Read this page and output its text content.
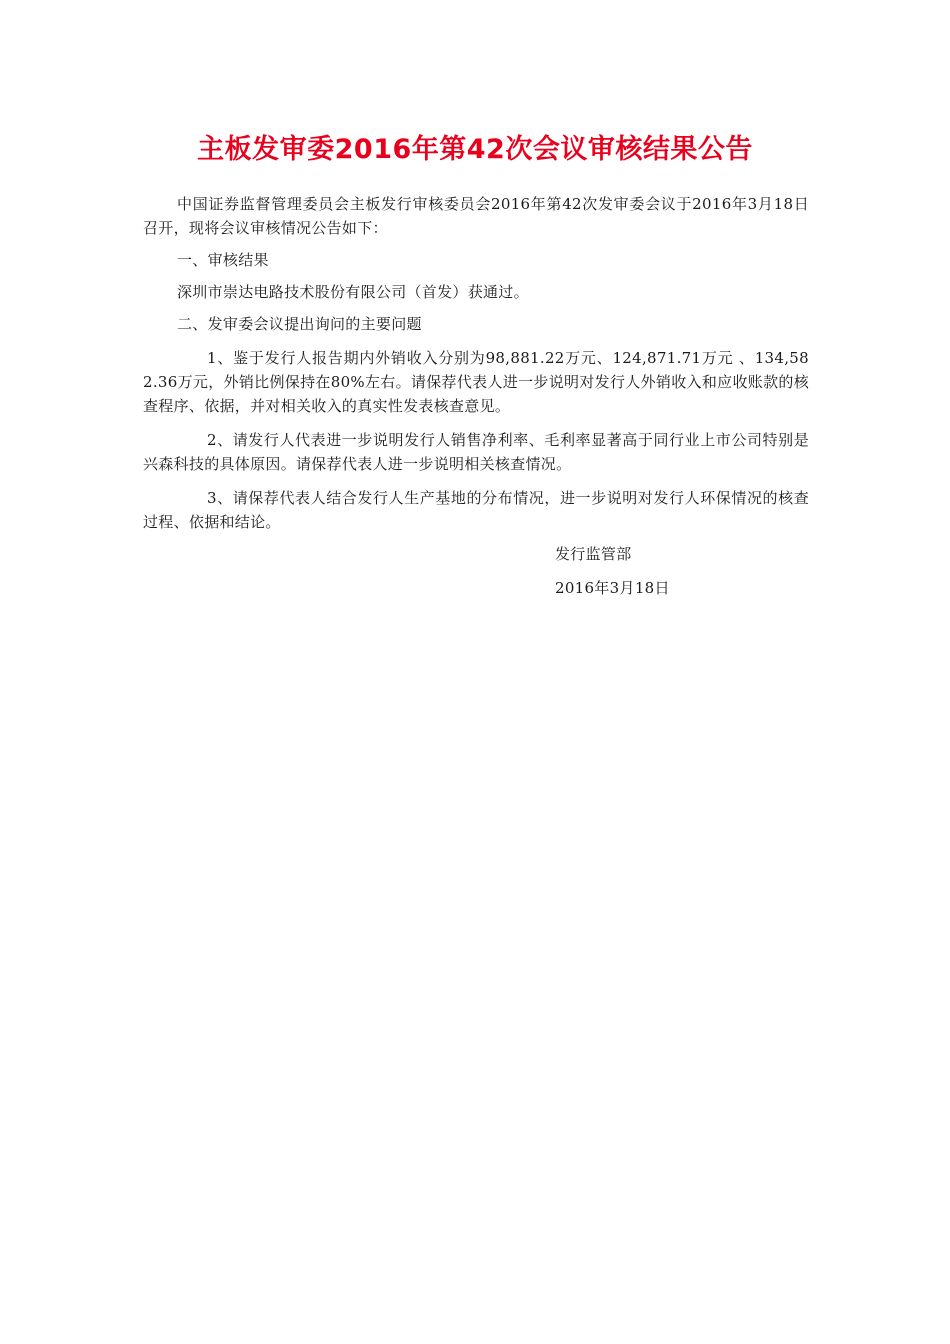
主板发审委2016年第42次会议审核结果公告

中国证券监督管理委员会主板发行审核委员会2016年第42次发审委会议于2016年3月18日召开，现将会议审核情况公告如下：

一、审核结果

深圳市崇达电路技术股份有限公司（首发）获通过。

二、发审委会议提出询问的主要问题

1、鉴于发行人报告期内外销收入分别为98,881.22万元、124,871.71万元 、134,582.36万元，外销比例保持在80%左右。请保荐代表人进一步说明对发行人外销收入和应收账款的核查程序、依据，并对相关收入的真实性发表核查意见。

2、请发行人代表进一步说明发行人销售净利率、毛利率显著高于同行业上市公司特别是兴森科技的具体原因。请保荐代表人进一步说明相关核查情况。

3、请保荐代表人结合发行人生产基地的分布情况，进一步说明对发行人环保情况的核查过程、依据和结论。

发行监管部
2016年3月18日
